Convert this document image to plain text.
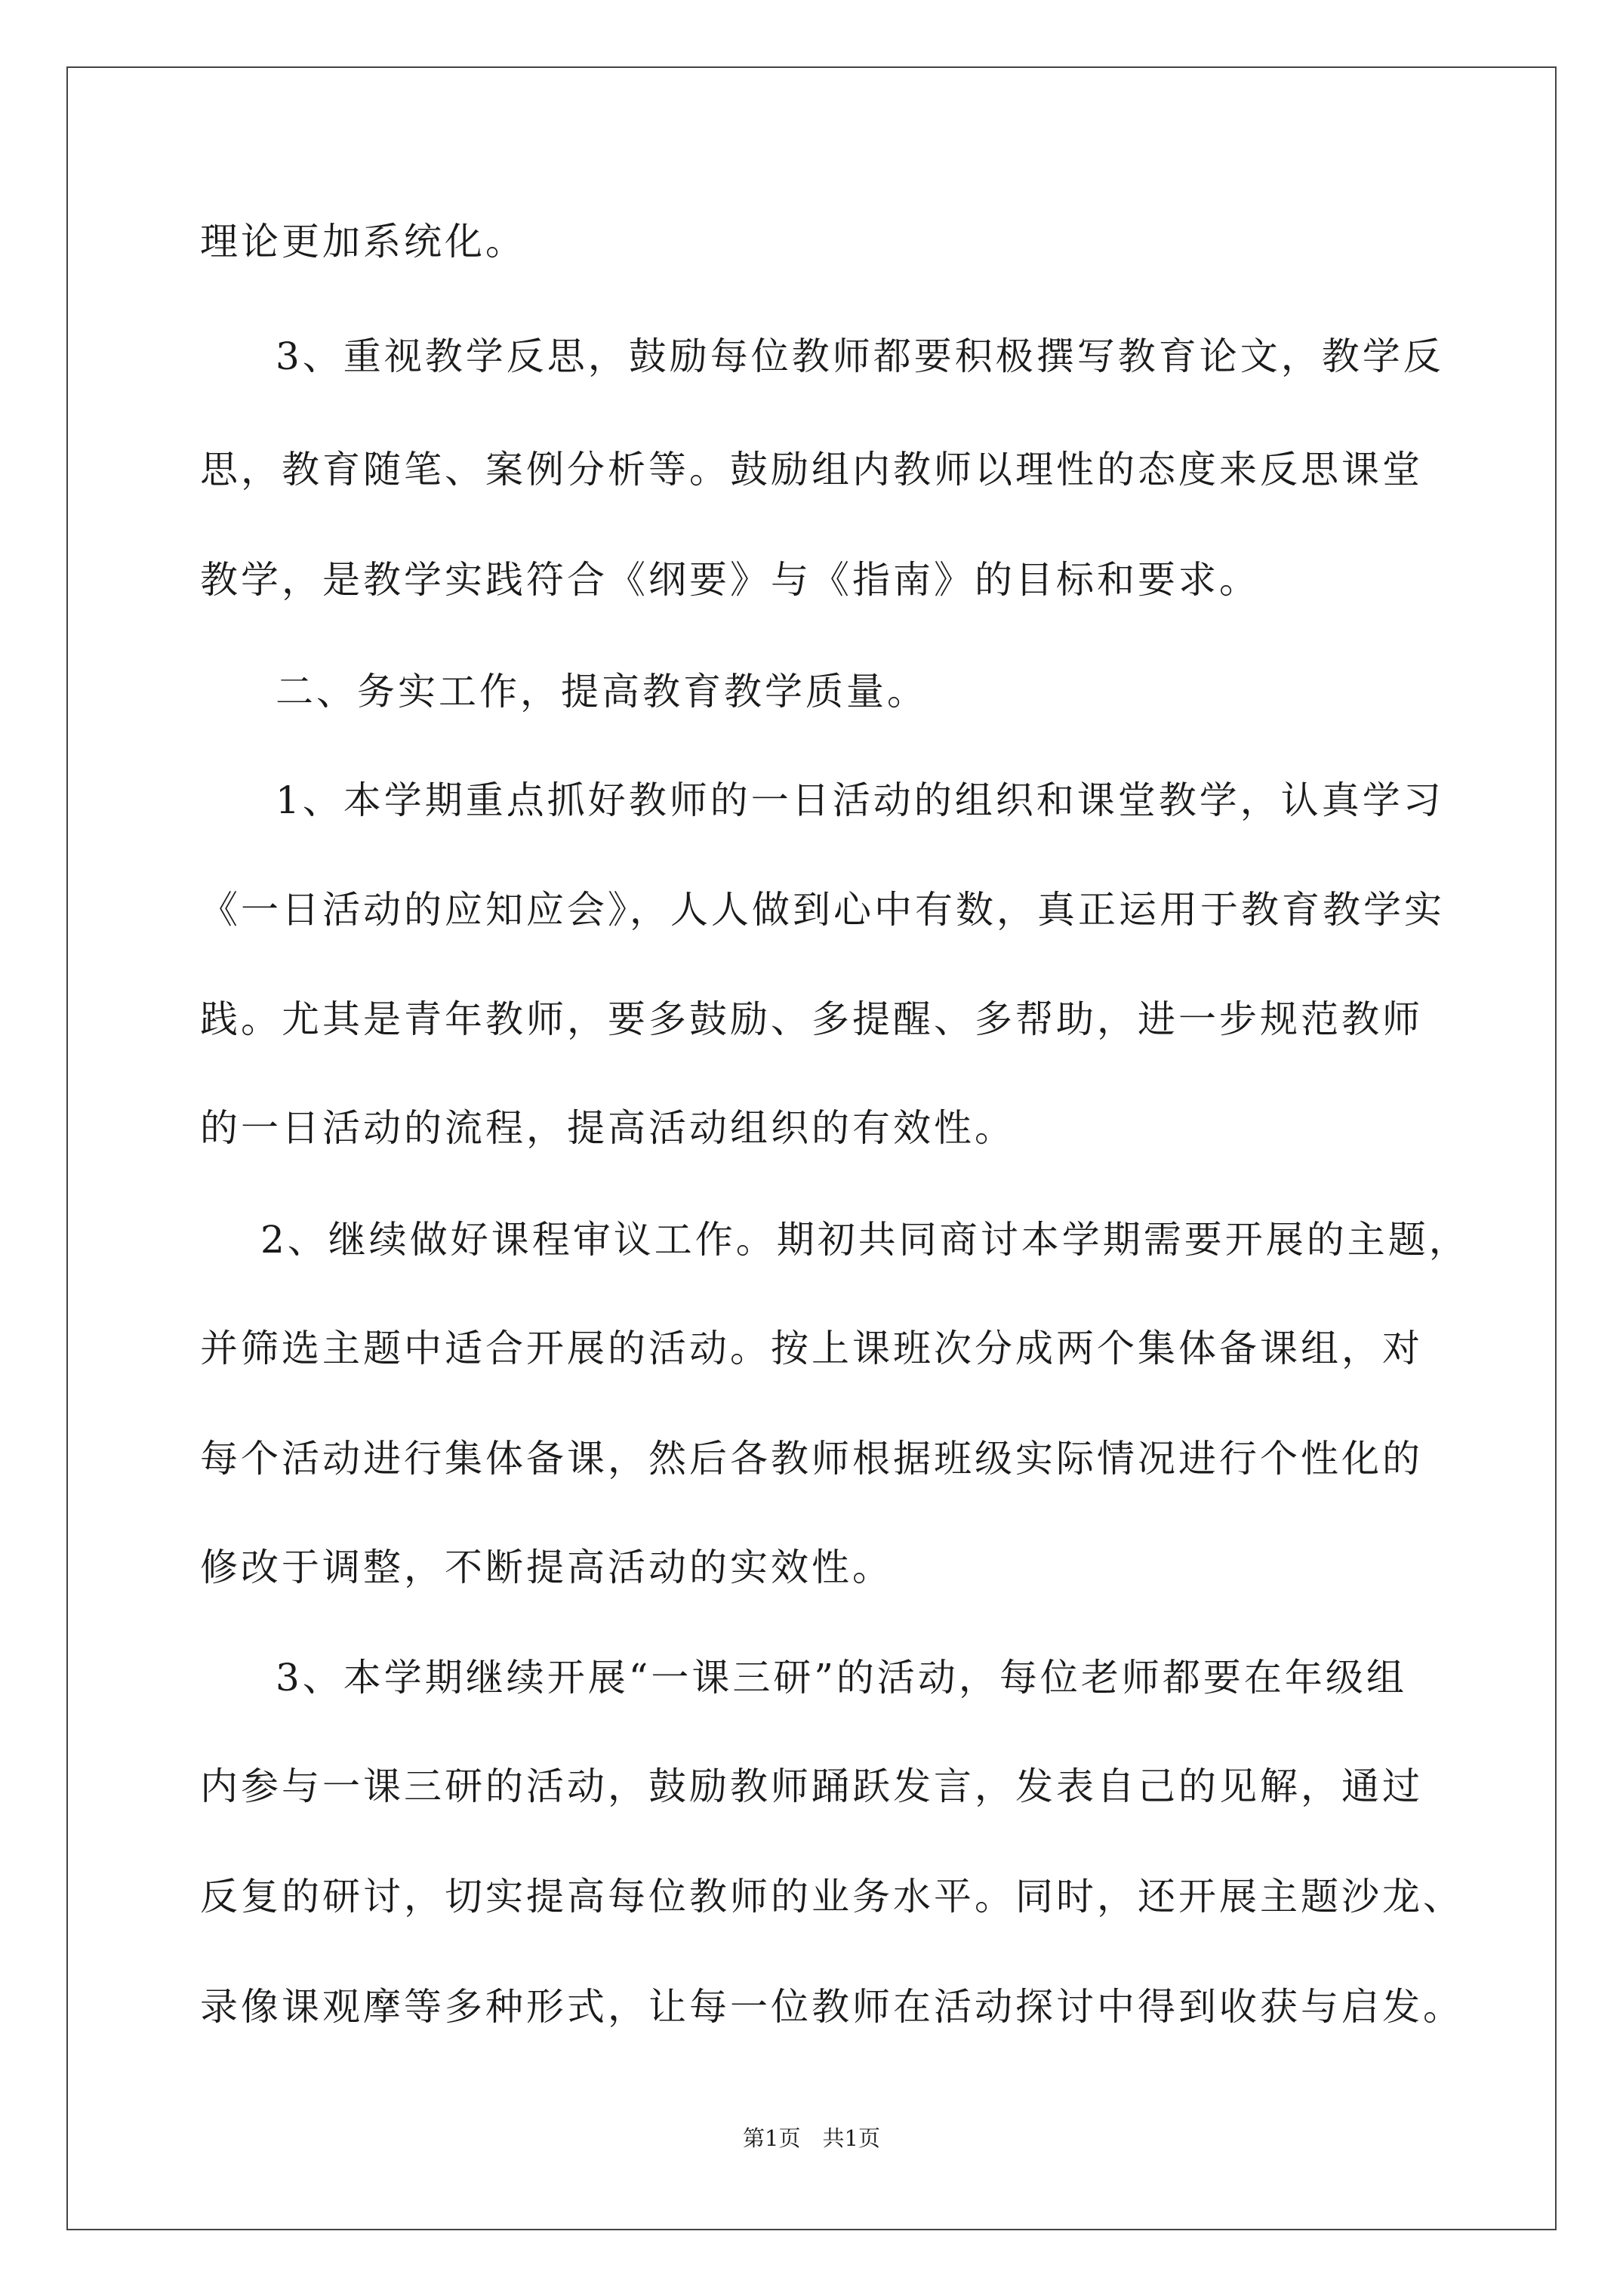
理论更加系统化。
3、重视教学反思，鼓励每位教师都要积极撰写教育论文，教学反
思，教育随笔、案例分析等。鼓励组内教师以理性的态度来反思课堂
教学，是教学实践符合《纲要》与《指南》的目标和要求。
二、务实工作，提高教育教学质量。
1、本学期重点抓好教师的一日活动的组织和课堂教学，认真学习
《一日活动的应知应会》，人人做到心中有数，真正运用于教育教学实
践。尤其是青年教师，要多鼓励、多提醒、多帮助，进一步规范教师
的一日活动的流程，提高活动组织的有效性。
2、继续做好课程审议工作。期初共同商讨本学期需要开展的主题，
并筛选主题中适合开展的活动。按上课班次分成两个集体备课组，对
每个活动进行集体备课，然后各教师根据班级实际情况进行个性化的
修改于调整，不断提高活动的实效性。
3、本学期继续开展“一课三研”的活动，每位老师都要在年级组
内参与一课三研的活动，鼓励教师踊跃发言，发表自己的见解，通过
反复的研讨，切实提高每位教师的业务水平。同时，还开展主题沙龙、
录像课观摩等多种形式，让每一位教师在活动探讨中得到收获与启发。
第1页　共1页
